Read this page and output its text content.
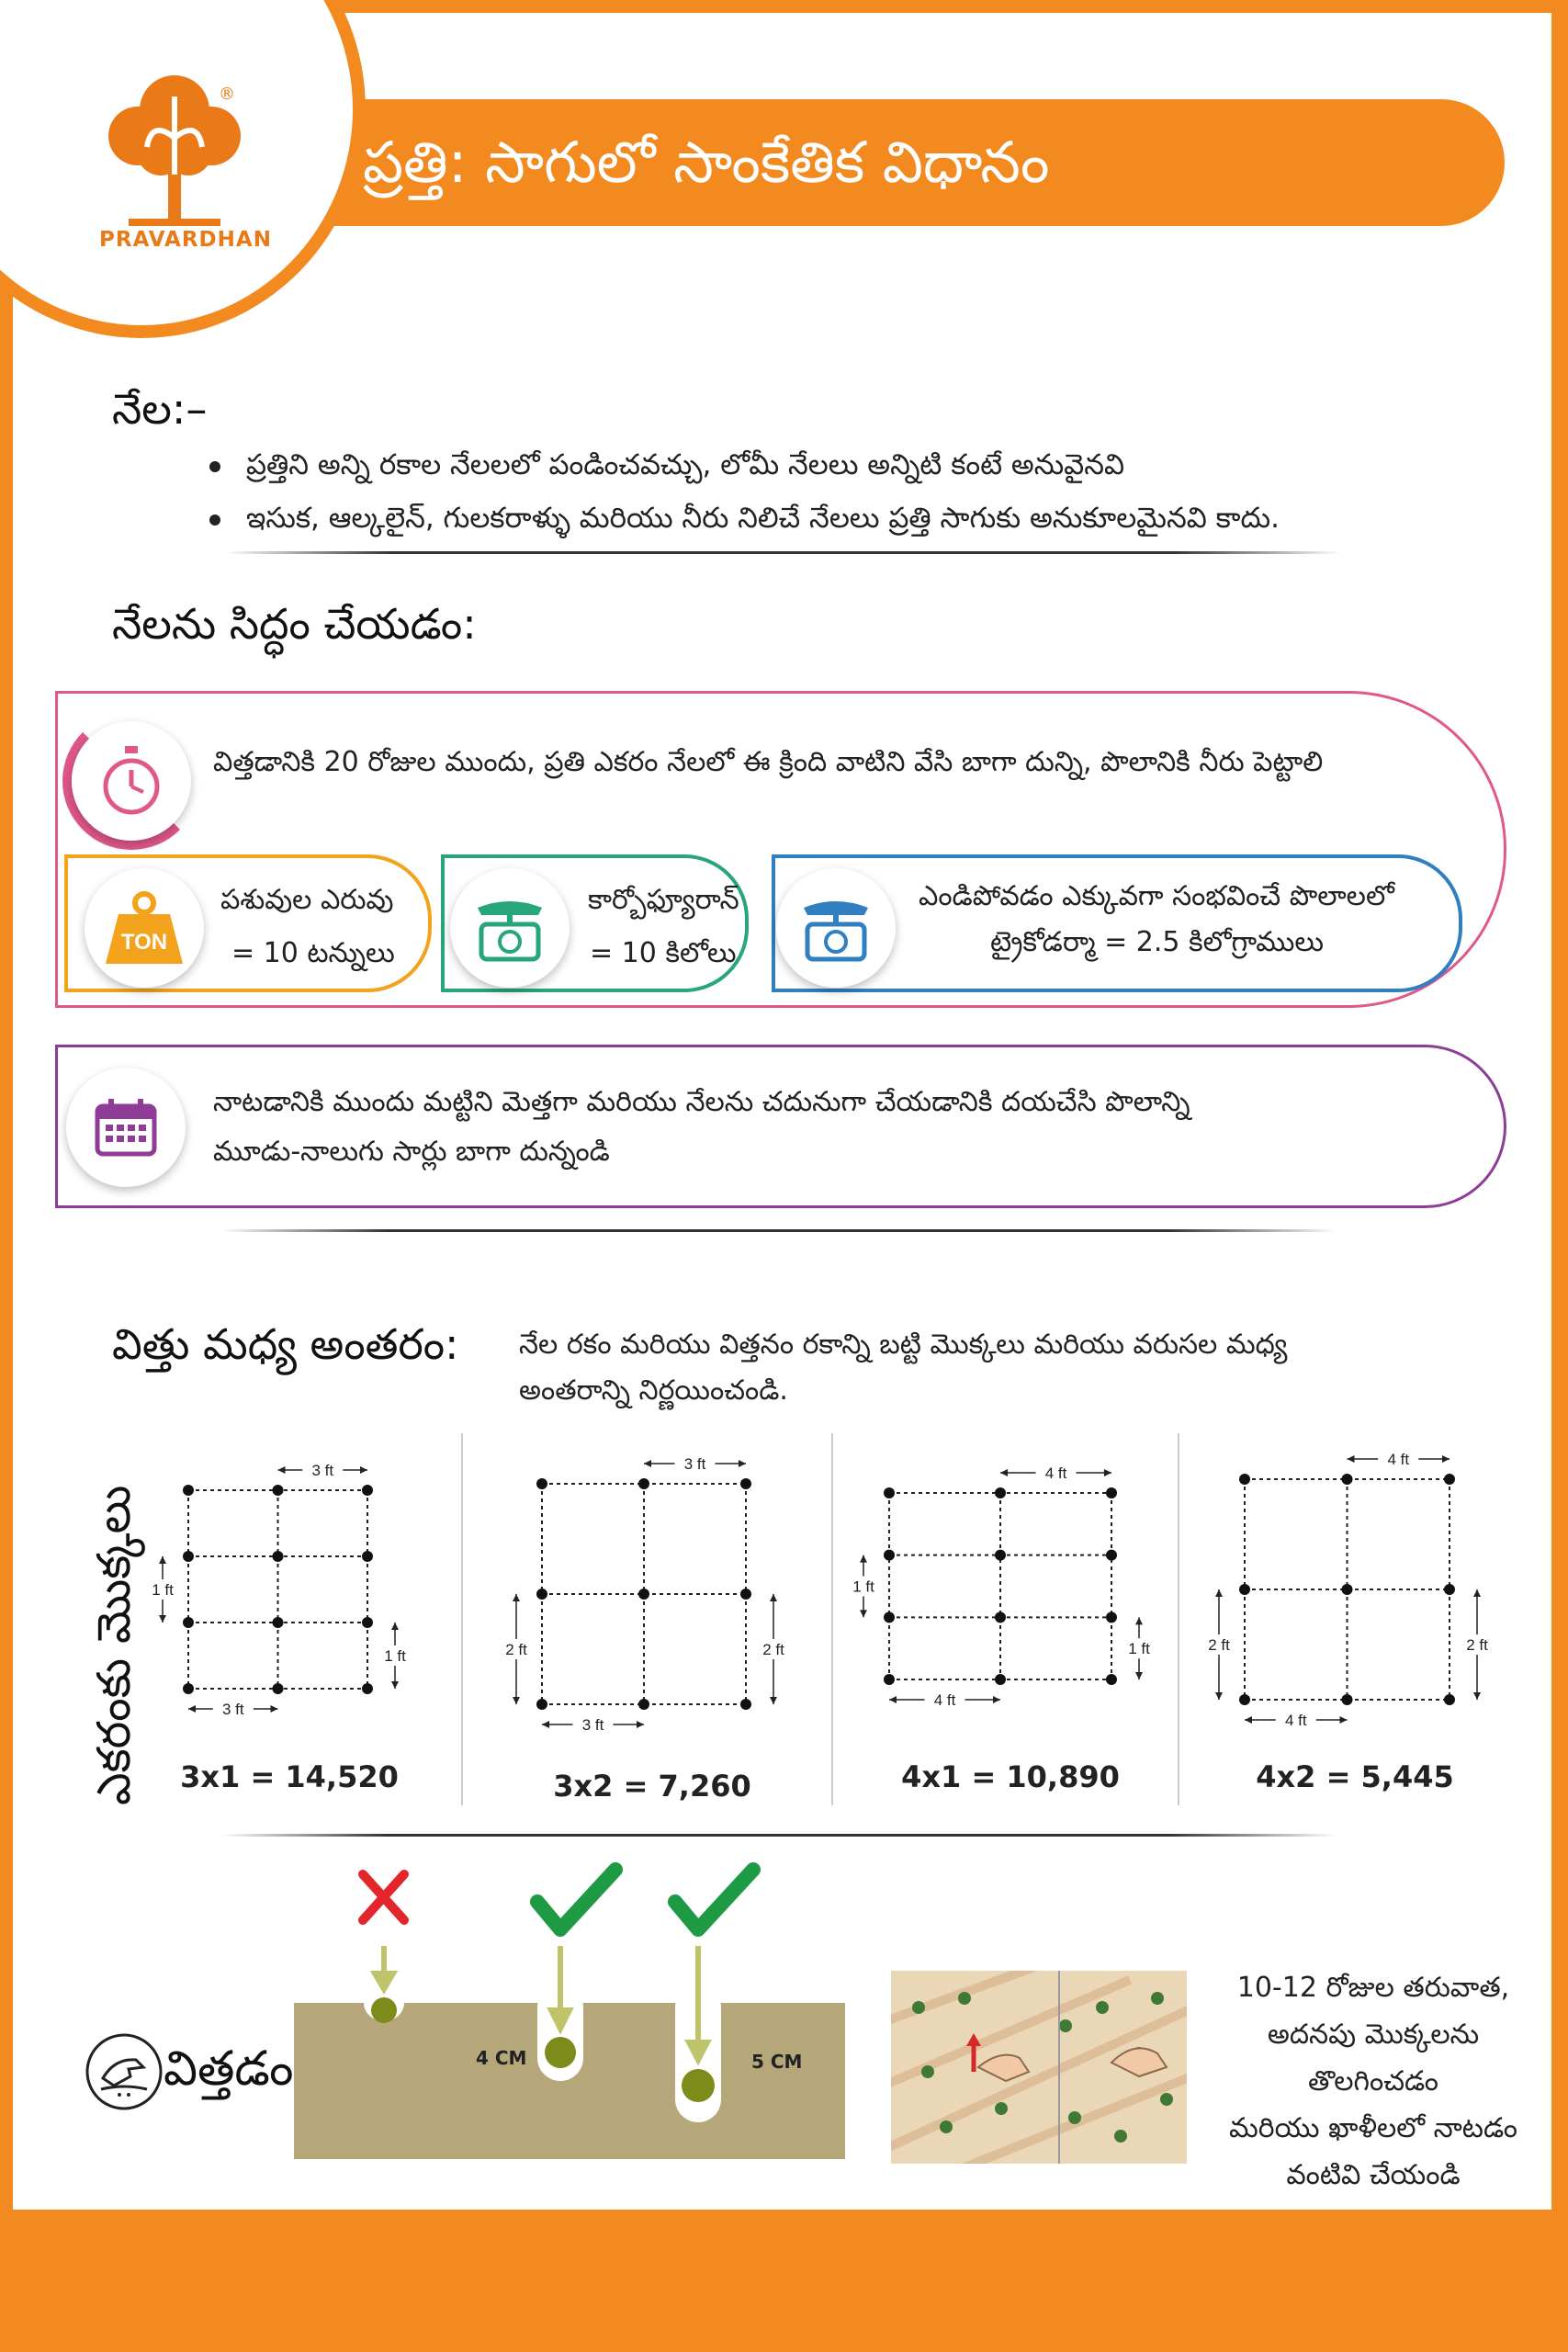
ప్రత్తి: సాగులో సాంకేతిక విధానం
®
PRAVARDHAN
నేల:–
ప్రత్తిని అన్ని రకాల నేలలలో పండించవచ్చు, లోమీ నేలలు అన్నిటి కంటే అనువైనవి
ఇసుక, ఆల్కలైన్, గులకరాళ్ళు మరియు నీరు నిలిచే నేలలు ప్రత్తి సాగుకు అనుకూలమైనవి కాదు.
నేలను సిద్ధం చేయడం:
విత్తడానికి 20 రోజుల ముందు, ప్రతి ఎకరం నేలలో ఈ క్రింది వాటిని వేసి బాగా దున్ని, పొలానికి నీరు పెట్టాలి
TON
పశువుల ఎరువు
= 10 టన్నులు
కార్బోఫ్యూరాన్
= 10 కిలోలు
ఎండిపోవడం ఎక్కువగా సంభవించే పొలాలలో
ట్రైకోడర్మా = 2.5 కిలోగ్రాములు
నాటడానికి ముందు మట్టిని మెత్తగా మరియు నేలను చదునుగా చేయడానికి దయచేసి పొలాన్ని
మూడు-నాలుగు సార్లు బాగా దున్నండి
విత్తు మధ్య అంతరం: నేల రకం మరియు విత్తనం రకాన్ని బట్టి మొక్కలు మరియు వరుసల మధ్య
అంతరాన్ని నిర్ణయించండి.
ఎకరంకు మొక్కలు
3 ft
3 ft
1 ft
1 ft
3 ft
3 ft
2 ft	2 ft
4 ft
4 ft
1 ft
1 ft
4 ft
4 ft
2 ft	2 ft
3x1 = 14,520	3x2 = 7,260	4x1 = 10,890	4x2 = 5,445
విత్తడం	4 CM	5 CM
10-12 రోజుల తరువాత,
అదనపు మొక్కలను
తొలగించడం
మరియు ఖాళీలలో నాటడం
వంటివి చేయండి
